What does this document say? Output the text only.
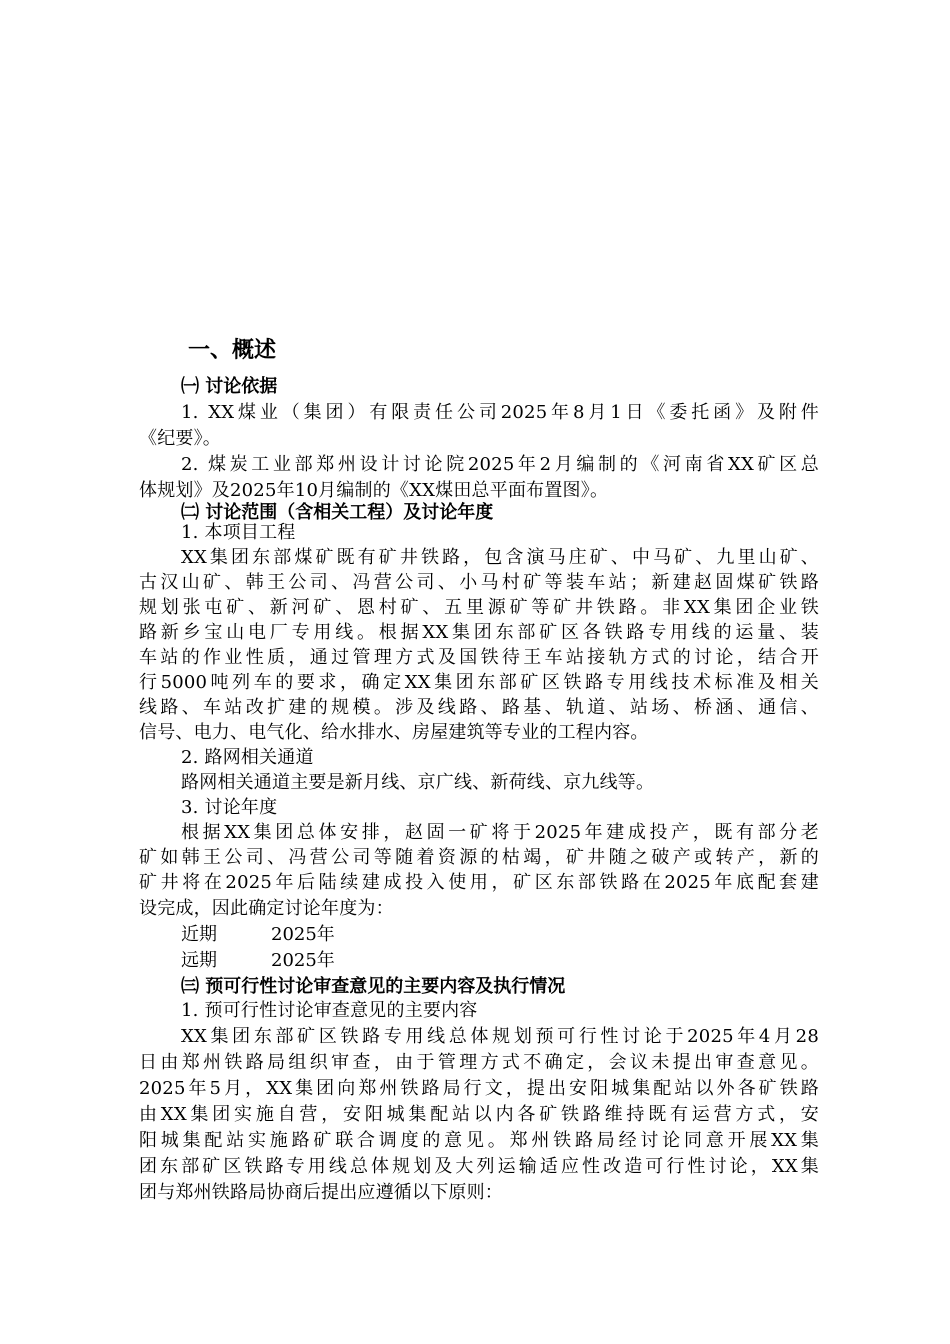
一、概述
㈠ 讨论依据
1. XX煤业（集团）有限责任公司2025年8月1日《委托函》及附件
《纪要》。
2. 煤炭工业部郑州设计讨论院2025年2月编制的《河南省XX矿区总
体规划》及2025年10月编制的《XX煤田总平面布置图》。
㈡ 讨论范围（含相关工程）及讨论年度
1. 本项目工程
XX集团东部煤矿既有矿井铁路，包含演马庄矿、中马矿、九里山矿、
古汉山矿、韩王公司、冯营公司、小马村矿等装车站；新建赵固煤矿铁路
规划张屯矿、新河矿、恩村矿、五里源矿等矿井铁路。非XX集团企业铁
路新乡宝山电厂专用线。根据XX集团东部矿区各铁路专用线的运量、装
车站的作业性质，通过管理方式及国铁待王车站接轨方式的讨论，结合开
行5000吨列车的要求，确定XX集团东部矿区铁路专用线技术标准及相关
线路、车站改扩建的规模。涉及线路、路基、轨道、站场、桥涵、通信、
信号、电力、电气化、给水排水、房屋建筑等专业的工程内容。
2. 路网相关通道
路网相关通道主要是新月线、京广线、新荷线、京九线等。
3. 讨论年度
根据XX集团总体安排，赵固一矿将于2025年建成投产，既有部分老
矿如韩王公司、冯营公司等随着资源的枯竭，矿井随之破产或转产，新的
矿井将在2025年后陆续建成投入使用，矿区东部铁路在2025年底配套建
设完成，因此确定讨论年度为：
近期	2025年
远期	2025年
㈢ 预可行性讨论审查意见的主要内容及执行情况
1. 预可行性讨论审查意见的主要内容
XX集团东部矿区铁路专用线总体规划预可行性讨论于2025年4月28
日由郑州铁路局组织审查，由于管理方式不确定，会议未提出审查意见。
2025年5月，XX集团向郑州铁路局行文，提出安阳城集配站以外各矿铁路
由XX集团实施自营，安阳城集配站以内各矿铁路维持既有运营方式，安
阳城集配站实施路矿联合调度的意见。郑州铁路局经讨论同意开展XX集
团东部矿区铁路专用线总体规划及大列运输适应性改造可行性讨论，XX集
团与郑州铁路局协商后提出应遵循以下原则：
